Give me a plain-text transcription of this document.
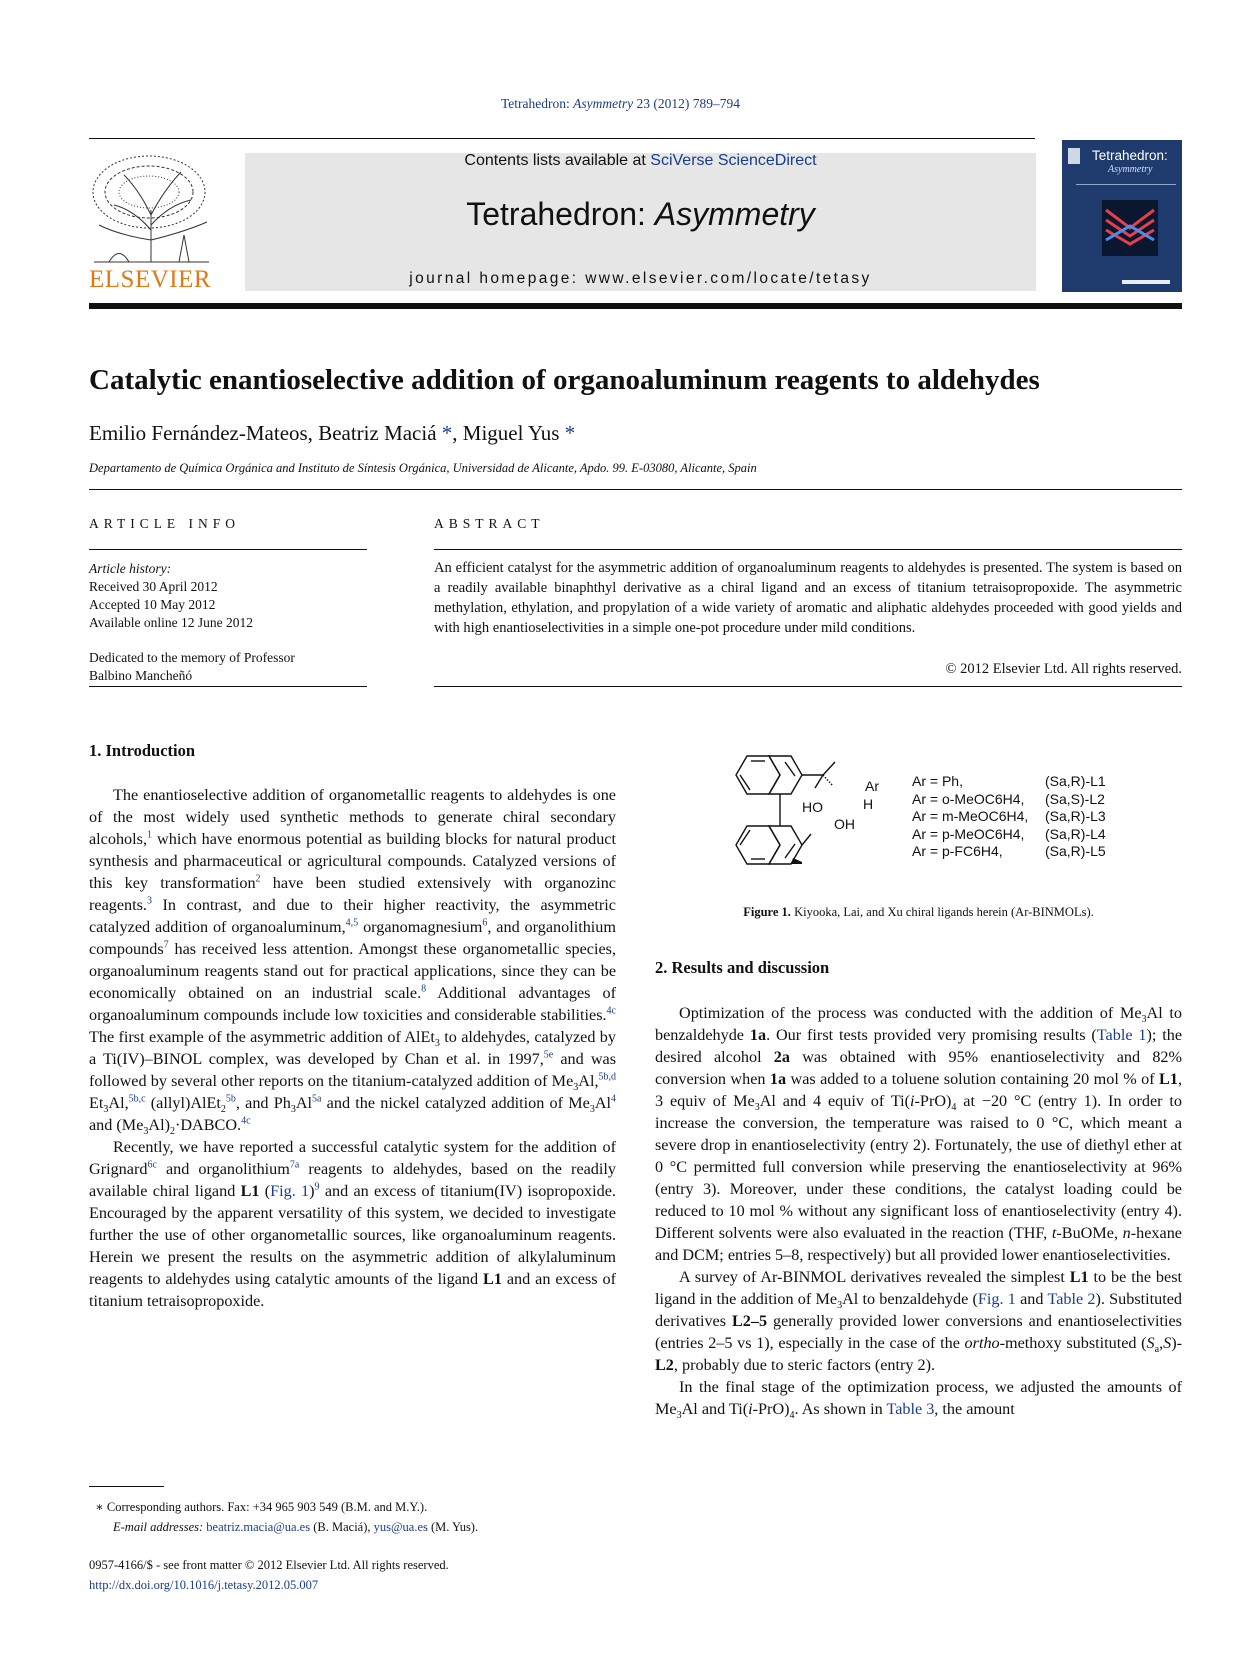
Tetrahedron: Asymmetry 23 (2012) 789–794
ELSEVIER
Contents lists available at SciVerse ScienceDirect
Tetrahedron: Asymmetry
journal homepage: www.elsevier.com/locate/tetasy
Tetrahedron:
Asymmetry
Catalytic enantioselective addition of organoaluminum reagents to aldehydes
Emilio Fernández-Mateos, Beatriz Maciá *, Miguel Yus *
Departamento de Química Orgánica and Instituto de Síntesis Orgánica, Universidad de Alicante, Apdo. 99. E-03080, Alicante, Spain
ARTICLE INFO
Article history:
Received 30 April 2012
Accepted 10 May 2012
Available online 12 June 2012
Dedicated to the memory of Professor
Balbino Mancheñó
ABSTRACT
An efficient catalyst for the asymmetric addition of organoaluminum reagents to aldehydes is presented. The system is based on a readily available binaphthyl derivative as a chiral ligand and an excess of titanium tetraisopropoxide. The asymmetric methylation, ethylation, and propylation of a wide variety of aromatic and aliphatic aldehydes proceeded with good yields and with high enantioselectivities in a simple one-pot procedure under mild conditions.
© 2012 Elsevier Ltd. All rights reserved.
1. Introduction

The enantioselective addition of organometallic reagents to aldehydes is one of the most widely used synthetic methods to generate chiral secondary alcohols,$^1$ which have enormous potential as building blocks for natural product synthesis and pharmaceutical or agricultural compounds. Catalyzed versions of this key transformation$^2$ have been studied extensively with organozinc reagents.$^3$ In contrast, and due to their higher reactivity, the asymmetric catalyzed addition of organoaluminum,$^{4,5}$ organomagnesium$^6$, and organolithium compounds$^7$ has received less attention. Amongst these organometallic species, organoaluminum reagents stand out for practical applications, since they can be economically obtained on an industrial scale.$^8$ Additional advantages of organoaluminum compounds include low toxicities and considerable stabilities.$^{4c}$ The first example of the asymmetric addition of AlEt$_3$ to aldehydes, catalyzed by a Ti(IV)–BINOL complex, was developed by Chan et al. in 1997,$^{5e}$ and was followed by several other reports on the titanium-catalyzed addition of $Me_3Al,^{5b,d}$ $Et_3Al,^{5b,c}$ (allyl)AlEt$_2^{5b}$, and $Ph_3Al^{5a}$ and the nickel catalyzed addition of $Me_3Al^4$ and $(Me_3Al)_2\cdot DABCO.^{4c}$

Recently, we have reported a successful catalytic system for the addition of Grignard$^{6c}$ and organolithium$^{7a}$ reagents to aldehydes, based on the readily available chiral ligand L1 (Fig. 1)$^9$ and an excess of titanium(IV) isopropoxide. Encouraged by the apparent versatility of this system, we decided to investigate further the use of other organometallic sources, like organoaluminum reagents. Herein we present the results on the asymmetric addition of alkylaluminum reagents to aldehydes using catalytic amounts of the ligand L1 and an excess of titanium tetraisopropoxide.

∗ Corresponding authors. Fax: +34 965 903 549 (B.M. and M.Y.).
E-mail addresses: beatriz.macia@ua.es (B. Maciá), yus@ua.es (M. Yus).
0957-4166/$ - see front matter © 2012 Elsevier Ltd. All rights reserved.
http://dx.doi.org/10.1016/j.tetasy.2012.05.007
Ar
HO	H
OH
Ar = Ph,
Ar = o-MeOC6H4,
Ar = m-MeOC6H4,
Ar = p-MeOC6H4,
Ar = p-FC6H4,
(Sa,R)-L1
(Sa,S)-L2
(Sa,R)-L3
(Sa,R)-L4
(Sa,R)-L5
Figure 1. Kiyooka, Lai, and Xu chiral ligands herein (Ar-BINMOLs).
2. Results and discussion

Optimization of the process was conducted with the addition of $Me_3Al$ to benzaldehyde 1a. Our first tests provided very promising results (Table 1); the desired alcohol 2a was obtained with 95% enantioselectivity and 82% conversion when 1a was added to a toluene solution containing 20 mol % of L1, 3 equiv of $Me_3Al$ and 4 equiv of $Ti(i-PrO)_4$ at −20 °C (entry 1). In order to increase the conversion, the temperature was raised to 0 °C, which meant a severe drop in enantioselectivity (entry 2). Fortunately, the use of diethyl ether at 0 °C permitted full conversion while preserving the enantioselectivity at 96% (entry 3). Moreover, under these conditions, the catalyst loading could be reduced to 10 mol % without any significant loss of enantioselectivity (entry 4). Different solvents were also evaluated in the reaction (THF, t-BuOMe, n-hexane and DCM; entries 5–8, respectively) but all provided lower enantioselectivities.

A survey of Ar-BINMOL derivatives revealed the simplest L1 to be the best ligand in the addition of $Me_3Al$ to benzaldehyde (Fig. 1 and Table 2). Substituted derivatives L2–5 generally provided lower conversions and enantioselectivities (entries 2–5 vs 1), especially in the case of the ortho-methoxy substituted $(S_a,S)-L2$, probably due to steric factors (entry 2).

In the final stage of the optimization process, we adjusted the amounts of $Me_3Al$ and $Ti(i-PrO)_4$. As shown in Table 3, the amount
